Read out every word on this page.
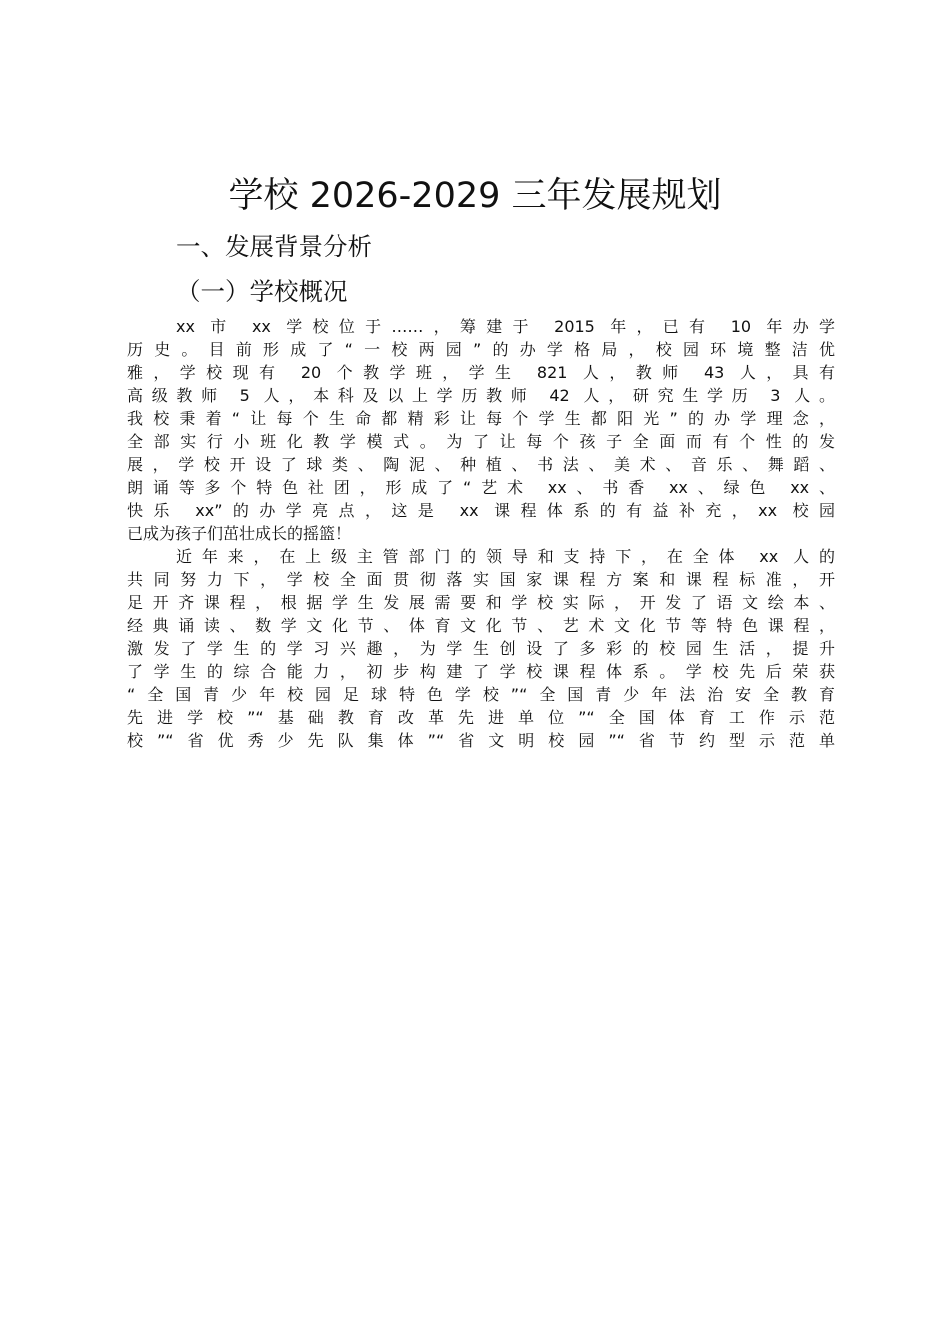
学校 2026-2029 三年发展规划

一、发展背景分析

（一）学校概况

xx 市 xx 学校位于……，筹建于 2015 年，已有 10 年办学
历史。目前形成了“一校两园”的办学格局，校园环境整洁优
雅，学校现有 20 个教学班，学生 821 人，教师 43 人，具有
高级教师 5 人，本科及以上学历教师 42 人，研究生学历 3 人。
我校秉着“让每个生命都精彩让每个学生都阳光”的办学理念，
全部实行小班化教学模式。为了让每个孩子全面而有个性的发
展，学校开设了球类、陶泥、种植、书法、美术、音乐、舞蹈、
朗诵等多个特色社团，形成了“艺术 xx、书香 xx、绿色 xx、
快乐 xx”的办学亮点，这是 xx 课程体系的有益补充，xx 校园
已成为孩子们茁壮成长的摇篮！
近年来，在上级主管部门的领导和支持下，在全体 xx 人的
共同努力下，学校全面贯彻落实国家课程方案和课程标准，开
足开齐课程，根据学生发展需要和学校实际，开发了语文绘本、
经典诵读、数学文化节、体育文化节、艺术文化节等特色课程，
激发了学生的学习兴趣，为学生创设了多彩的校园生活，提升
了学生的综合能力，初步构建了学校课程体系。学校先后荣获
“全国青少年校园足球特色学校”“全国青少年法治安全教育
先进学校”“基础教育改革先进单位”“全国体育工作示范
校”“省优秀少先队集体”“省文明校园”“省节约型示范单
